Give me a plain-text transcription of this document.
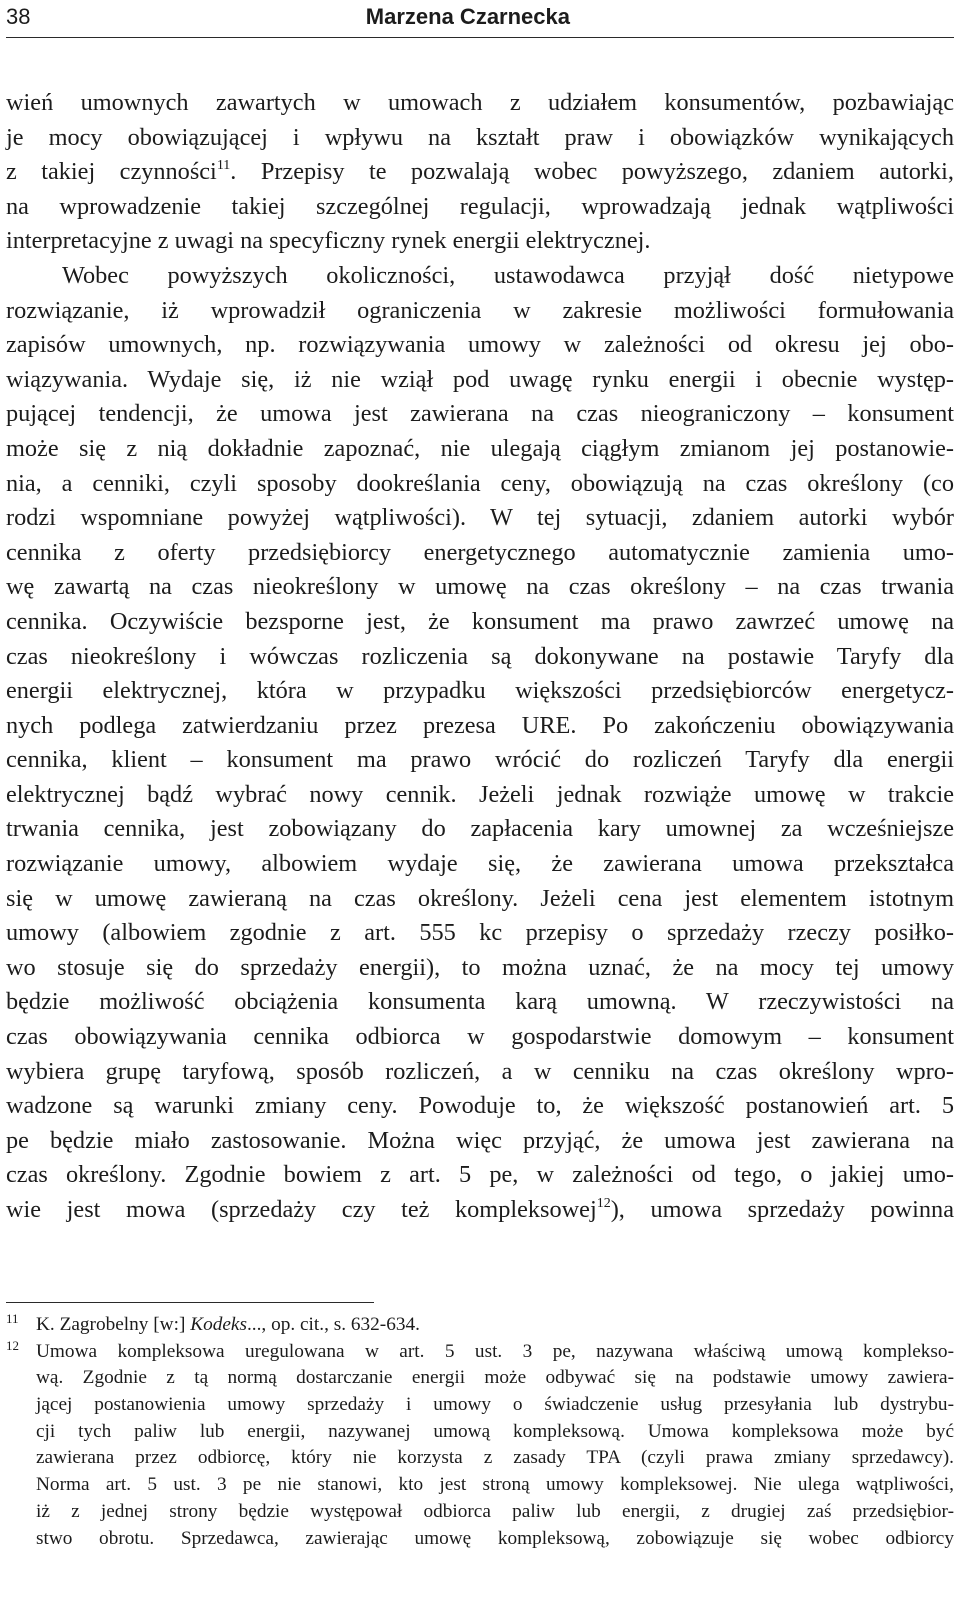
38	Marzena Czarnecka
wień umownych zawartych w umowach z udziałem konsumentów, pozbawiając
je mocy obowiązującej i wpływu na kształt praw i obowiązków wynikających
z takiej czynności$^{11}$. Przepisy te pozwalają wobec powyższego, zdaniem autorki,
na wprowadzenie takiej szczególnej regulacji, wprowadzają jednak wątpliwości
interpretacyjne z uwagi na specyficzny rynek energii elektrycznej.
Wobec powyższych okoliczności, ustawodawca przyjął dość nietypowe
rozwiązanie, iż wprowadził ograniczenia w zakresie możliwości formułowania
zapisów umownych, np. rozwiązywania umowy w zależności od okresu jej obo-
wiązywania. Wydaje się, iż nie wziął pod uwagę rynku energii i obecnie występ-
pującej tendencji, że umowa jest zawierana na czas nieograniczony – konsument
może się z nią dokładnie zapoznać, nie ulegają ciągłym zmianom jej postanowie-
nia, a cenniki, czyli sposoby dookreślania ceny, obowiązują na czas określony (co
rodzi wspomniane powyżej wątpliwości). W tej sytuacji, zdaniem autorki wybór
cennika z oferty przedsiębiorcy energetycznego automatycznie zamienia umo-
wę zawartą na czas nieokreślony w umowę na czas określony – na czas trwania
cennika. Oczywiście bezsporne jest, że konsument ma prawo zawrzeć umowę na
czas nieokreślony i wówczas rozliczenia są dokonywane na postawie Taryfy dla
energii elektrycznej, która w przypadku większości przedsiębiorców energetycz-
nych podlega zatwierdzaniu przez prezesa URE. Po zakończeniu obowiązywania
cennika, klient – konsument ma prawo wrócić do rozliczeń Taryfy dla energii
elektrycznej bądź wybrać nowy cennik. Jeżeli jednak rozwiąże umowę w trakcie
trwania cennika, jest zobowiązany do zapłacenia kary umownej za wcześniejsze
rozwiązanie umowy, albowiem wydaje się, że zawierana umowa przekształca
się w umowę zawieraną na czas określony. Jeżeli cena jest elementem istotnym
umowy (albowiem zgodnie z art. 555 kc przepisy o sprzedaży rzeczy posiłko-
wo stosuje się do sprzedaży energii), to można uznać, że na mocy tej umowy
będzie możliwość obciążenia konsumenta karą umowną. W rzeczywistości na
czas obowiązywania cennika odbiorca w gospodarstwie domowym – konsument
wybiera grupę taryfową, sposób rozliczeń, a w cenniku na czas określony wpro-
wadzone są warunki zmiany ceny. Powoduje to, że większość postanowień art. 5
pe będzie miało zastosowanie. Można więc przyjąć, że umowa jest zawierana na
czas określony. Zgodnie bowiem z art. 5 pe, w zależności od tego, o jakiej umo-
wie jest mowa (sprzedaży czy też kompleksowej$^{12}$), umowa sprzedaży powinna
11 K. Zagrobelny [w:] Kodeks..., op. cit., s. 632-634.
12 Umowa kompleksowa uregulowana w art. 5 ust. 3 pe, nazywana właściwą umową kompleksо-
wą. Zgodnie z tą normą dostarczanie energii może odbywać się na podstawie umowy zawiera-
jącej postanowienia umowy sprzedaży i umowy o świadczenie usług przesyłania lub dystrybu-
cji tych paliw lub energii, nazywanej umową kompleksową. Umowa kompleksowa może być
zawierana przez odbiorcę, który nie korzysta z zasady TPA (czyli prawa zmiany sprzedawcy).
Norma art. 5 ust. 3 pe nie stanowi, kto jest stroną umowy kompleksowej. Nie ulega wątpliwości,
iż z jednej strony będzie występował odbiorca paliw lub energii, z drugiej zaś przedsiębior-
stwo obrotu. Sprzedawca, zawierając umowę kompleksową, zobowiązuje się wobec odbiorcy
